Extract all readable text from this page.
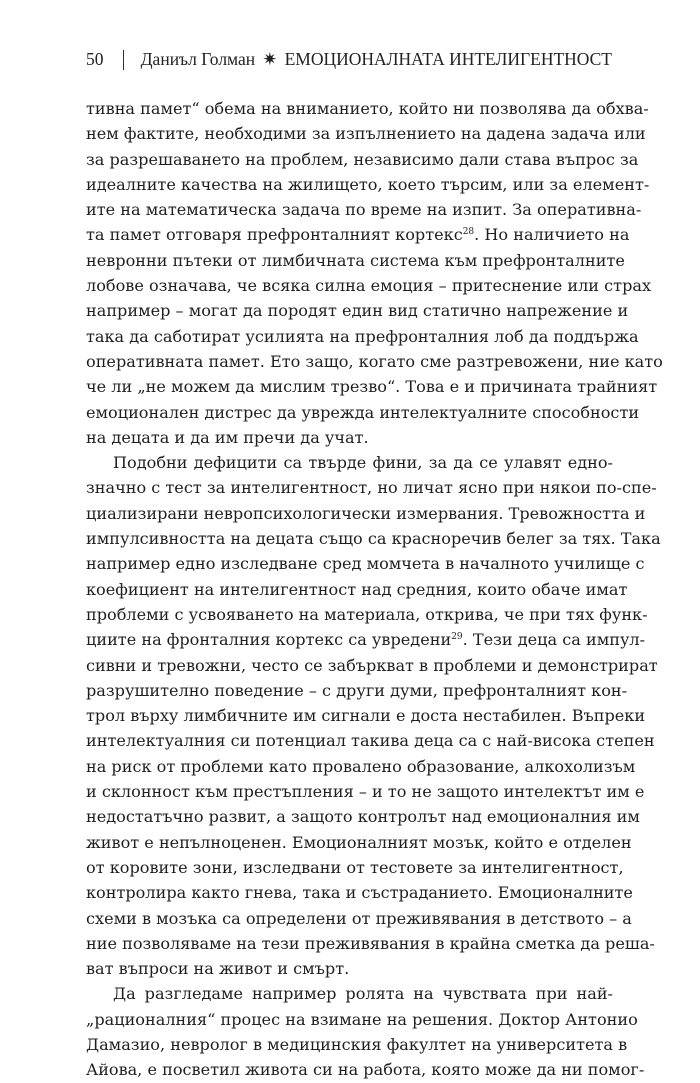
50 Даниъл Голман ✷ ЕМОЦИОНАЛНАТА ИНТЕЛИГЕНТНОСТ
тивна памет“ обема на вниманието, който ни позволява да обхва-
нем фактите, необходими за изпълнението на дадена задача или
за разрешаването на проблем, независимо дали става въпрос за
идеалните качества на жилището, което търсим, или за елемент-
ите на математическа задача по време на изпит. За оперативна-
та памет отговаря префронталният кортекс$^{28}$. Но наличието на
невронни пътеки от лимбичната система към префронталните
лобове означава, че всяка силна емоция – притеснение или страх
например – могат да породят един вид статично напрежение и
така да саботират усилията на префронталния лоб да поддържа
оперативната памет. Ето защо, когато сме разтревожени, ние като
че ли „не можем да мислим трезво“. Това е и причината трайният
емоционален дистрес да уврежда интелектуалните способности
на децата и да им пречи да учат.
Подобни дефицити са твърде фини, за да се улавят едно-
значно с тест за интелигентност, но личат ясно при някои по-спе-
циализирани невропсихологически измервания. Тревожността и
импулсивността на децата също са красноречив белег за тях. Така
например едно изследване сред момчета в началното училище с
коефициент на интелигентност над средния, които обаче имат
проблеми с усвояването на материала, открива, че при тях функ-
циите на фронталния кортекс са увредени$^{29}$. Тези деца са импул-
сивни и тревожни, често се забъркват в проблеми и демонстрират
разрушително поведение – с други думи, префронталният кон-
трол върху лимбичните им сигнали е доста нестабилен. Въпреки
интелектуалния си потенциал такива деца са с най-висока степен
на риск от проблеми като провалено образование, алкохолизъм
и склонност към престъпления – и то не защото интелектът им е
недостатъчно развит, а защото контролът над емоционалния им
живот е непълноценен. Емоционалният мозък, който е отделен
от коровите зони, изследвани от тестовете за интелигентност,
контролира както гнева, така и състраданието. Емоционалните
схеми в мозъка са определени от преживявания в детството – а
ние позволяваме на тези преживявания в крайна сметка да реша-
ват въпроси на живот и смърт.
Да разгледаме например ролята на чувствата при най-
„рационалния“ процес на взимане на решения. Доктор Антонио
Дамазио, невролог в медицинския факултет на университета в
Айова, е посветил живота си на работа, която може да ни помог-
